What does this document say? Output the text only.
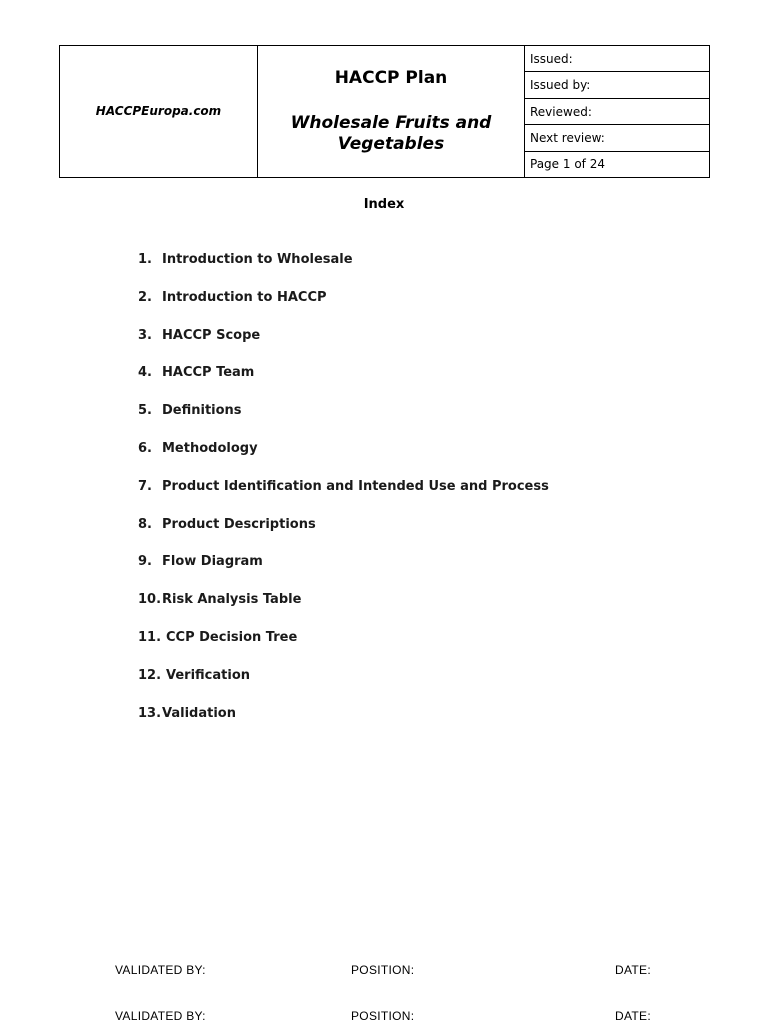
HACCPEuropa.com
HACCP Plan
Wholesale Fruits and
Vegetables
Issued:
Issued by:
Reviewed:
Next review:
Page 1 of 24
Index
1. Introduction to Wholesale
2. Introduction to HACCP
3. HACCP Scope
4. HACCP Team
5. Definitions
6. Methodology
7. Product Identification and Intended Use and Process
8. Product Descriptions
9. Flow Diagram
10.Risk Analysis Table
11. CCP Decision Tree
12. Verification
13.Validation
VALIDATED BY:	POSITION:	DATE:
VALIDATED BY:	POSITION:	DATE:
